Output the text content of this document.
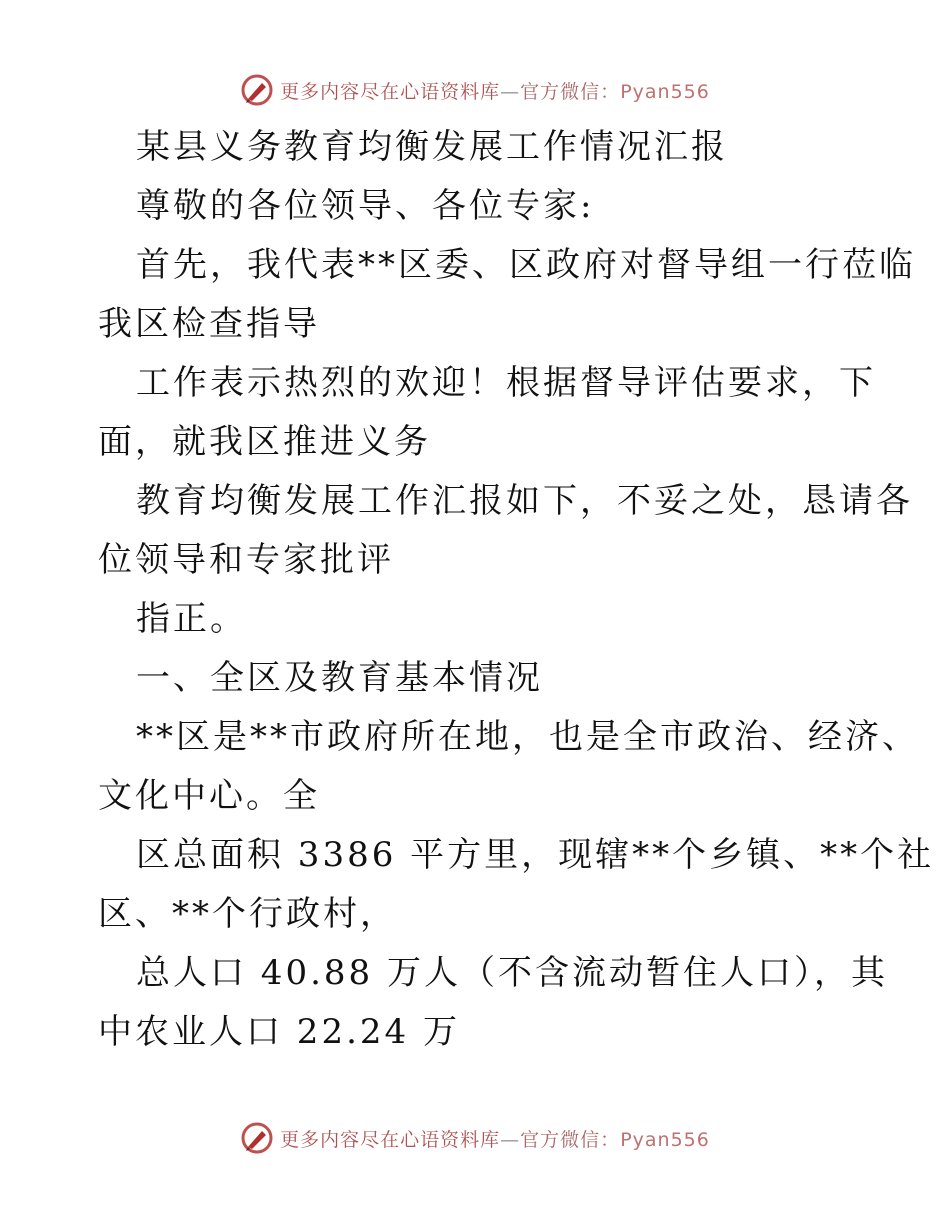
更多内容尽在心语资料库—官方微信：Pyan556
某县义务教育均衡发展工作情况汇报
尊敬的各位领导、各位专家:
首先，我代表**区委、区政府对督导组一行莅临
我区检查指导
工作表示热烈的欢迎！根据督导评估要求，下
面，就我区推进义务
教育均衡发展工作汇报如下，不妥之处，恳请各
位领导和专家批评
指正。
一、全区及教育基本情况
**区是**市政府所在地，也是全市政治、经济、
文化中心。全
区总面积 3386 平方里，现辖**个乡镇、**个社
区、**个行政村，
总人口 40.88 万人（不含流动暂住人口），其
中农业人口 22.24 万
更多内容尽在心语资料库—官方微信：Pyan556
